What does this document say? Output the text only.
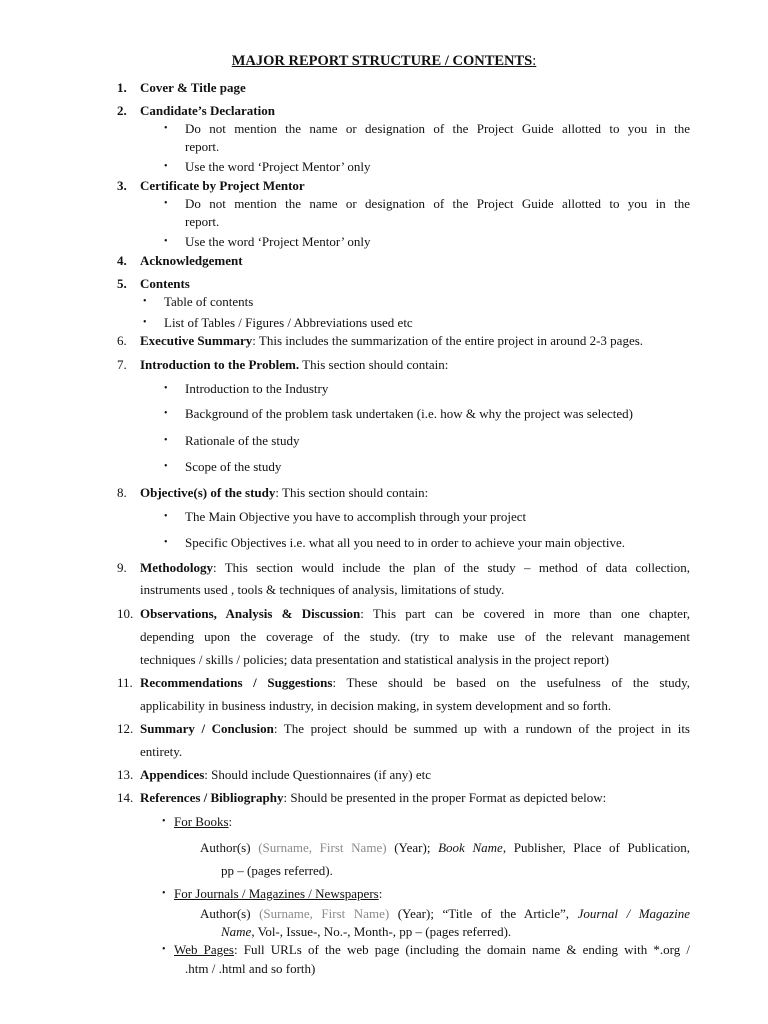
MAJOR REPORT STRUCTURE / CONTENTS:
1. Cover & Title page
2. Candidate’s Declaration
• Do not mention the name or designation of the Project Guide allotted to you in the
report.
• Use the word ‘Project Mentor’ only
3. Certificate by Project Mentor
• Do not mention the name or designation of the Project Guide allotted to you in the
report.
• Use the word ‘Project Mentor’ only
4. Acknowledgement
5. Contents
• Table of contents
• List of Tables / Figures / Abbreviations used etc
6. Executive Summary: This includes the summarization of the entire project in around 2-3 pages.
7. Introduction to the Problem. This section should contain:
• Introduction to the Industry
• Background of the problem task undertaken (i.e. how & why the project was selected)
• Rationale of the study
• Scope of the study
8. Objective(s) of the study: This section should contain:
• The Main Objective you have to accomplish through your project
• Specific Objectives i.e. what all you need to in order to achieve your main objective.
9. Methodology: This section would include the plan of the study – method of data collection,
instruments used , tools & techniques of analysis, limitations of study.
10. Observations, Analysis & Discussion: This part can be covered in more than one chapter,
depending upon the coverage of the study. (try to make use of the relevant management
techniques / skills / policies; data presentation and statistical analysis in the project report)
11. Recommendations / Suggestions: These should be based on the usefulness of the study,
applicability in business industry, in decision making, in system development and so forth.
12. Summary / Conclusion: The project should be summed up with a rundown of the project in its
entirety.
13. Appendices: Should include Questionnaires (if any) etc
14. References / Bibliography: Should be presented in the proper Format as depicted below:
• For Books:
Author(s) (Surname, First Name) (Year); Book Name, Publisher, Place of Publication,
pp – (pages referred).
• For Journals / Magazines / Newspapers:
Author(s) (Surname, First Name) (Year); “Title of the Article”, Journal / Magazine
Name, Vol-, Issue-, No.-, Month-, pp – (pages referred).
• Web Pages: Full URLs of the web page (including the domain name & ending with *.org /
.htm / .html and so forth)
